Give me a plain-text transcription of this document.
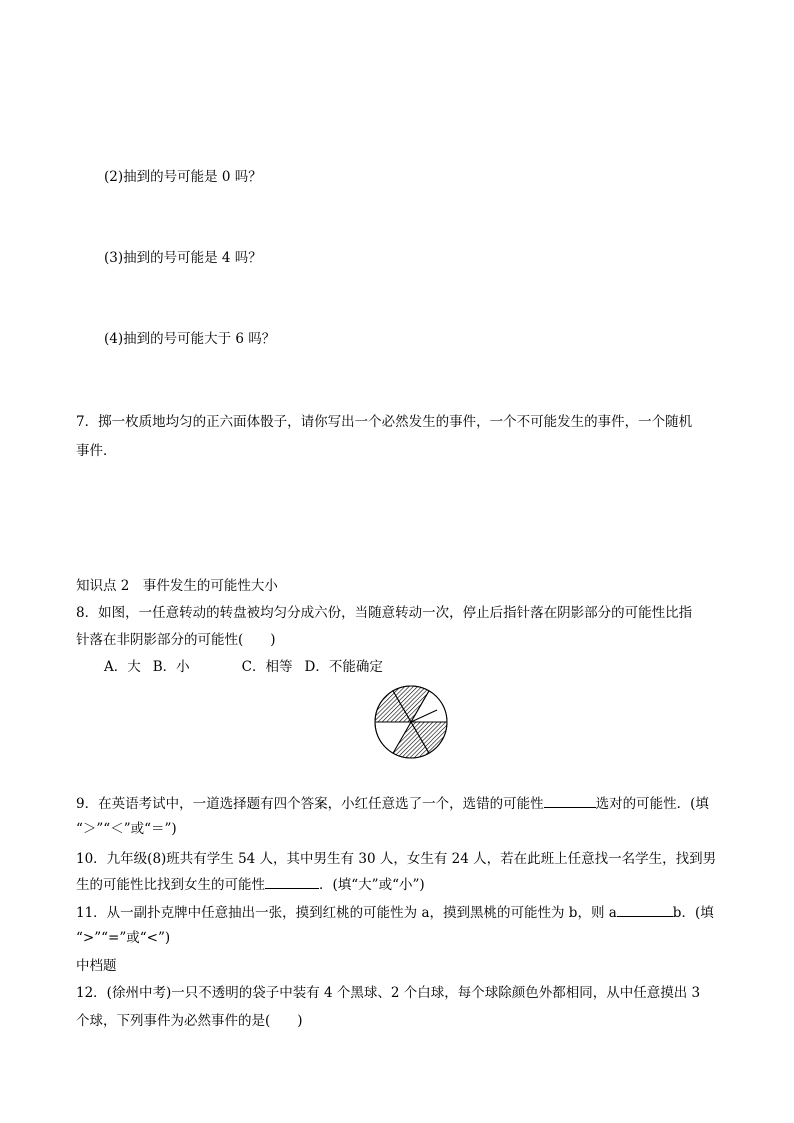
(2)抽到的号可能是 0 吗？
(3)抽到的号可能是 4 吗？
(4)抽到的号可能大于 6 吗？
7．掷一枚质地均匀的正六面体骰子，请你写出一个必然发生的事件，一个不可能发生的事件，一个随机
事件．
知识点 2　事件发生的可能性大小
8．如图，一任意转动的转盘被均匀分成六份，当随意转动一次，停止后指针落在阴影部分的可能性比指
针落在非阴影部分的可能性(　　)
A．大 B．小	C．相等 D．不能确定
9．在英语考试中，一道选择题有四个答案，小红任意选了一个，选错的可能性	选对的可能性．(填
“＞”“＜”或“＝”)
10．九年级(8)班共有学生 54 人，其中男生有 30 人，女生有 24 人，若在此班上任意找一名学生，找到男
生的可能性比找到女生的可能性	．(填“大”或“小”)
11．从一副扑克牌中任意抽出一张，摸到红桃的可能性为 a，摸到黑桃的可能性为 b，则 a	b．(填
“>”“=”或“<”)
中档题
12．(徐州中考)一只不透明的袋子中装有 4 个黑球、2 个白球，每个球除颜色外都相同，从中任意摸出 3
个球，下列事件为必然事件的是(　　)
